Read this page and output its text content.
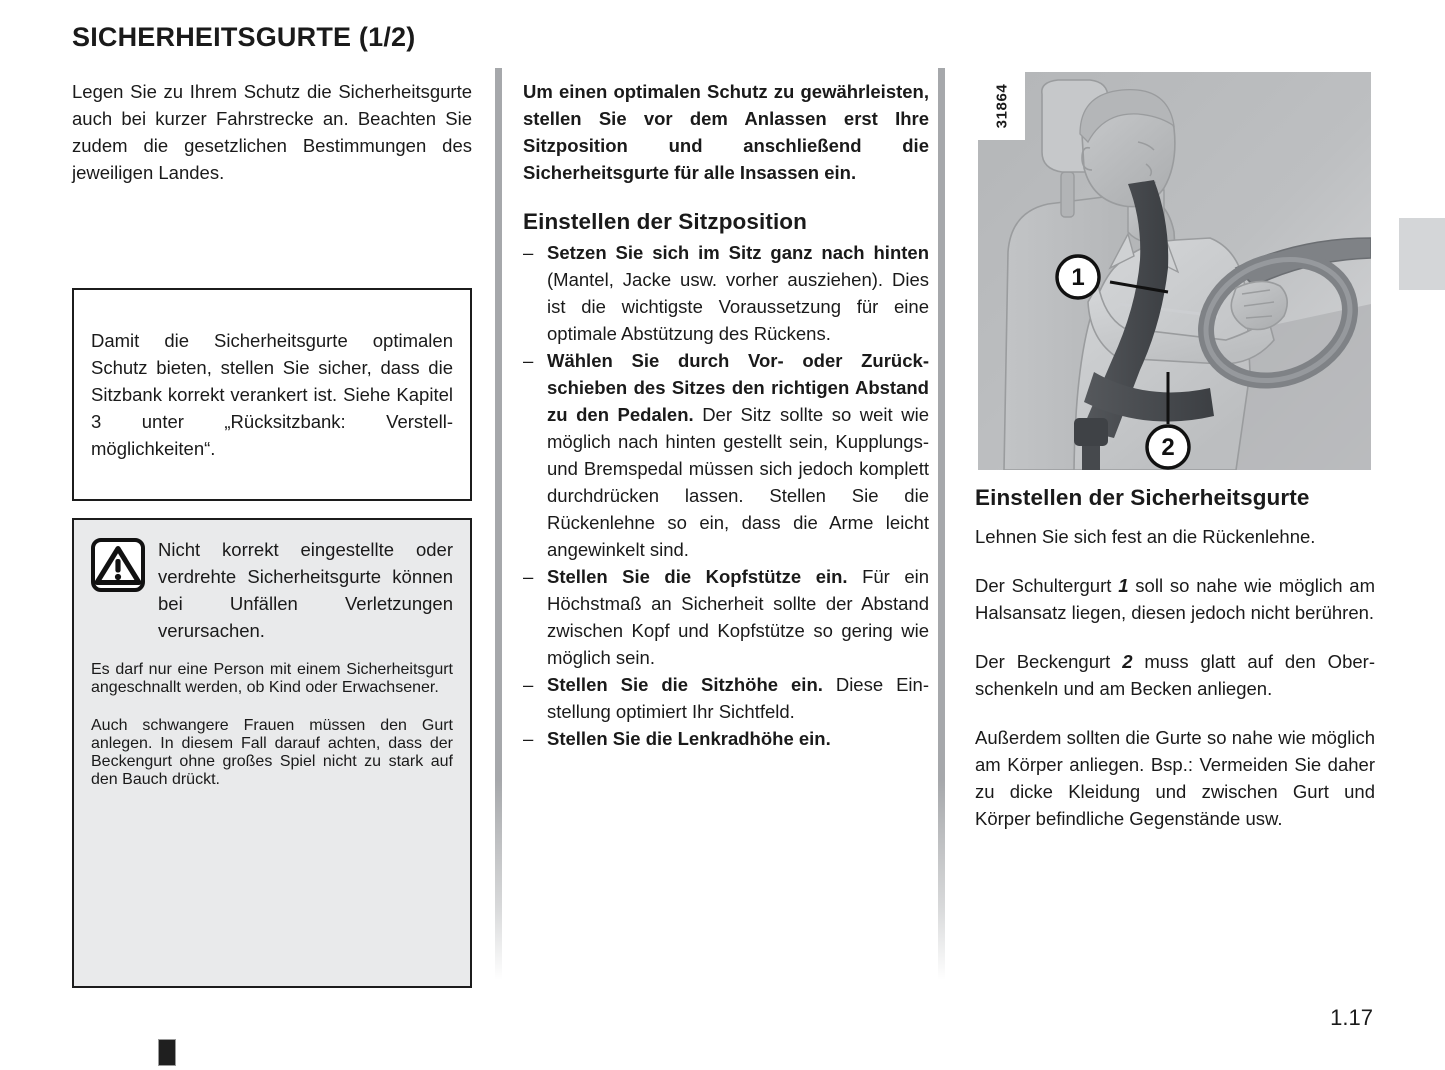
SICHERHEITSGURTE (1/2)

Legen Sie zu Ihrem Schutz die Sicherheitsgurte auch bei kurzer Fahrstrecke an. Beachten Sie zudem die gesetzlichen Bestimmungen des jeweiligen Landes.

Damit die Sicherheitsgurte optimalen Schutz bieten, stellen Sie sicher, dass die Sitzbank korrekt verankert ist. Siehe Kapitel 3 unter „Rücksitzbank: Verstellmöglichkeiten“.
Nicht korrekt eingestellte oder verdrehte Sicherheitsgurte können bei Unfällen Verletzungen verursachen.

Es darf nur eine Person mit einem Sicherheitsgurt angeschnallt werden, ob Kind oder Erwachsener.

Auch schwangere Frauen müssen den Gurt anlegen. In diesem Fall darauf achten, dass der Beckengurt ohne großes Spiel nicht zu stark auf den Bauch drückt.

Um einen optimalen Schutz zu gewährleisten, stellen Sie vor dem Anlassen erst Ihre Sitzposition und anschließend die Sicherheitsgurte für alle Insassen ein.

Einstellen der Sitzposition
– Setzen Sie sich im Sitz ganz nach hinten (Mantel, Jacke usw. vorher ausziehen). Dies ist die wichtigste Voraussetzung für eine optimale Abstützung des Rückens.
– Wählen Sie durch Vor- oder Zurückschieben des Sitzes den richtigen Abstand zu den Pedalen. Der Sitz sollte so weit wie möglich nach hinten gestellt sein, Kupplungs- und Bremspedal müssen sich jedoch komplett durchdrücken lassen. Stellen Sie die Rückenlehne so ein, dass die Arme leicht angewinkelt sind.
– Stellen Sie die Kopfstütze ein. Für ein Höchstmaß an Sicherheit sollte der Abstand zwischen Kopf und Kopfstütze so gering wie möglich sein.
– Stellen Sie die Sitzhöhe ein. Diese Einstellung optimiert Ihr Sichtfeld.
– Stellen Sie die Lenkradhöhe ein.
1
2
31864
Einstellen der Sicherheitsgurte

Lehnen Sie sich fest an die Rückenlehne.

Der Schultergurt 1 soll so nahe wie möglich am Halsansatz liegen, diesen jedoch nicht berühren.

Der Beckengurt 2 muss glatt auf den Oberschenkeln und am Becken anliegen.

Außerdem sollten die Gurte so nahe wie möglich am Körper anliegen. Bsp.: Vermeiden Sie daher zu dicke Kleidung und zwischen Gurt und Körper befindliche Gegenstände usw.

1.17
